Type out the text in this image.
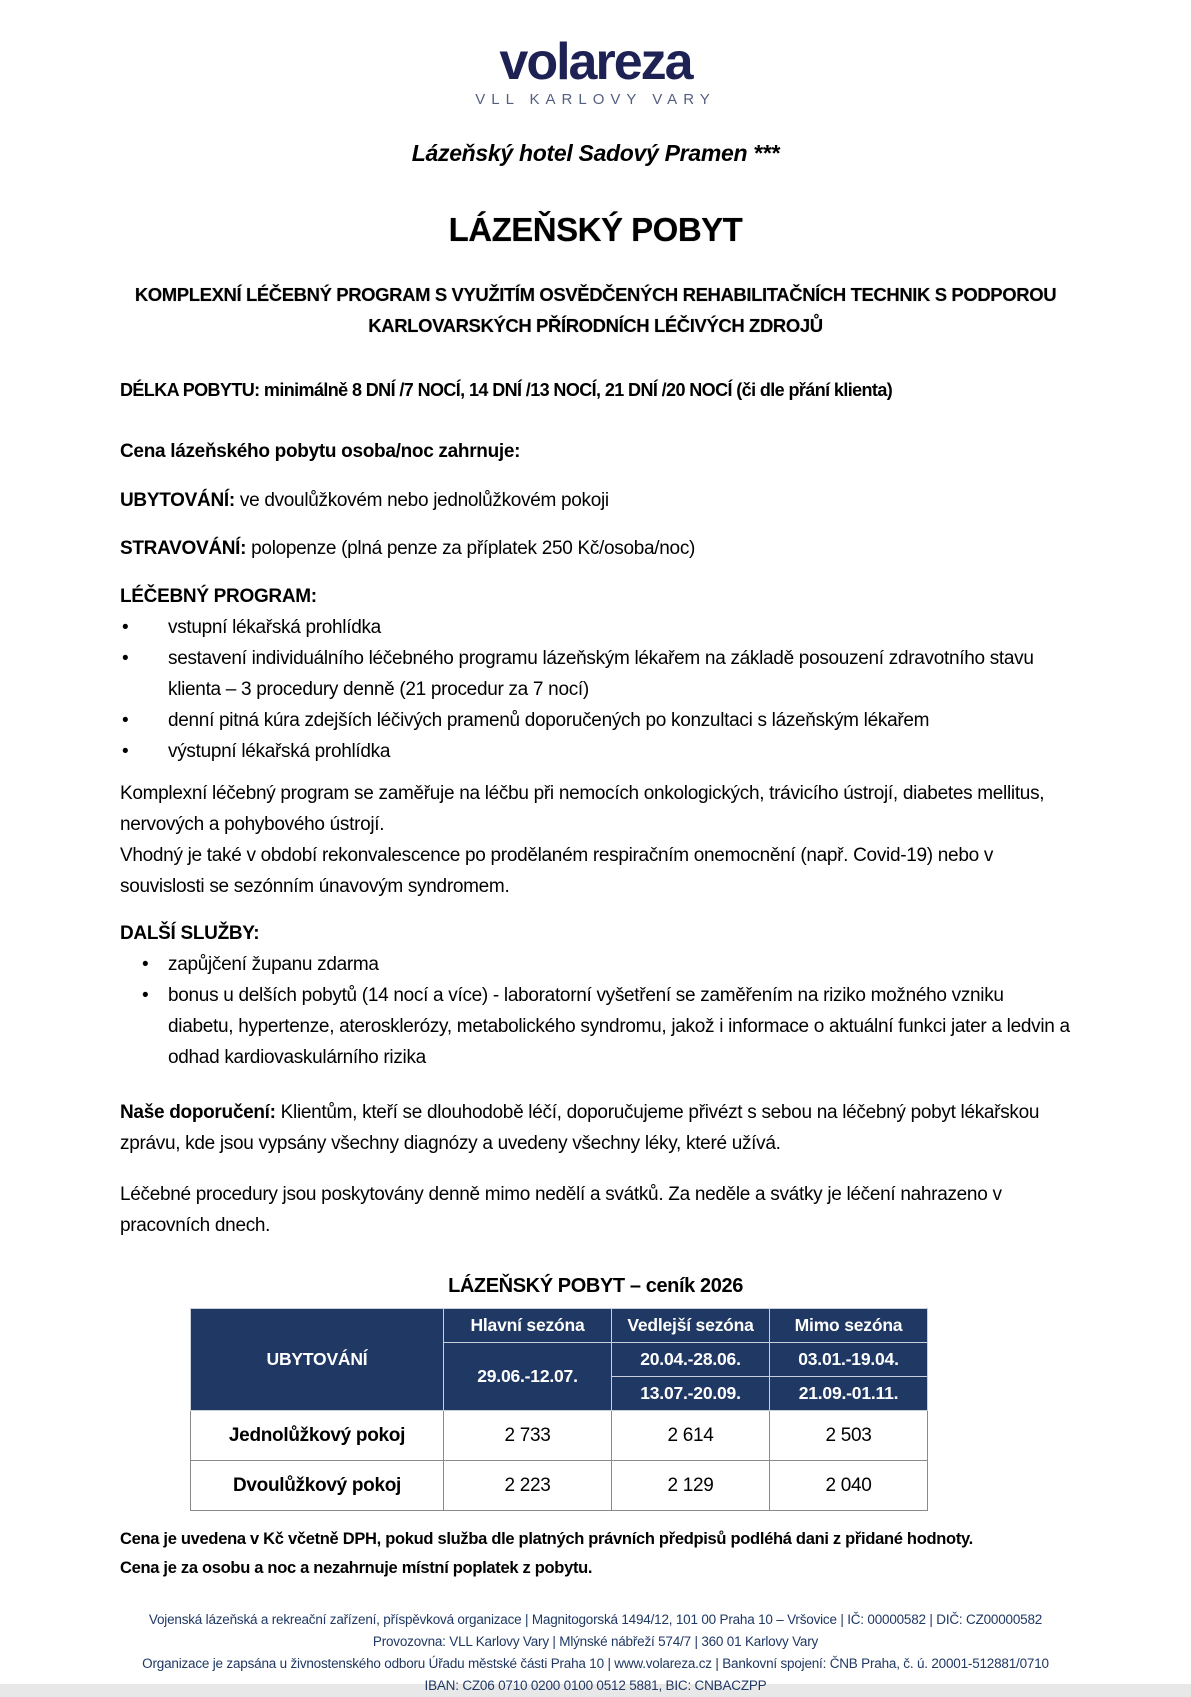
volareza
VLL KARLOVY VARY
Lázeňský hotel Sadový Pramen ***
LÁZEŇSKÝ POBYT
KOMPLEXNÍ LÉČEBNÝ PROGRAM S VYUŽITÍM OSVĚDČENÝCH REHABILITAČNÍCH TECHNIK S PODPOROU KARLOVARSKÝCH PŘÍRODNÍCH LÉČIVÝCH ZDROJŮ

DÉLKA POBYTU: minimálně 8 DNÍ /7 NOCÍ, 14 DNÍ /13 NOCÍ, 21 DNÍ /20 NOCÍ (či dle přání klienta)

Cena lázeňského pobytu osoba/noc zahrnuje:

UBYTOVÁNÍ: ve dvoulůžkovém nebo jednolůžkovém pokoji

STRAVOVÁNÍ: polopenze (plná penze za příplatek 250 Kč/osoba/noc)

LÉČEBNÝ PROGRAM:

• vstupní lékařská prohlídka
• sestavení individuálního léčebného programu lázeňským lékařem na základě posouzení zdravotního stavu klienta – 3 procedury denně (21 procedur za 7 nocí)
• denní pitná kúra zdejších léčivých pramenů doporučených po konzultaci s lázeňským lékařem
• výstupní lékařská prohlídka

Komplexní léčebný program se zaměřuje na léčbu při nemocích onkologických, trávicího ústrojí, diabetes mellitus, nervových a pohybového ústrojí.

Vhodný je také v období rekonvalescence po prodělaném respiračním onemocnění (např. Covid-19) nebo v souvislosti se sezónním únavovým syndromem.

DALŠÍ SLUŽBY:

• zapůjčení županu zdarma
• bonus u delších pobytů (14 nocí a více) - laboratorní vyšetření se zaměřením na riziko možného vzniku diabetu, hypertenze, aterosklerózy, metabolického syndromu, jakož i informace o aktuální funkci jater a ledvin a odhad kardiovaskulárního rizika

Naše doporučení: Klientům, kteří se dlouhodobě léčí, doporučujeme přivézt s sebou na léčebný pobyt lékařskou zprávu, kde jsou vypsány všechny diagnózy a uvedeny všechny léky, které užívá.

Léčebné procedury jsou poskytovány denně mimo nedělí a svátků. Za neděle a svátky je léčení nahrazeno v pracovních dnech.

LÁZEŇSKÝ POBYT – ceník 2026
UBYTOVÁNÍ	Hlavní sezóna	Vedlejší sezóna	Mimo sezóna
	29.06.-12.07.	20.04.-28.06.	03.01.-19.04.
		13.07.-20.09.	21.09.-01.11.
Jednolůžkový pokoj	2 733	2 614	2 503
Dvoulůžkový pokoj	2 223	2 129	2 040

Cena je uvedena v Kč včetně DPH, pokud služba dle platných právních předpisů podléhá dani z přidané hodnoty.

Cena je za osobu a noc a nezahrnuje místní poplatek z pobytu.

Vojenská lázeňská a rekreační zařízení, příspěvková organizace | Magnitogorská 1494/12, 101 00 Praha 10 – Vršovice | IČ: 00000582 | DIČ: CZ00000582
Provozovna: VLL Karlovy Vary | Mlýnské nábřeží 574/7 | 360 01 Karlovy Vary
Organizace je zapsána u živnostenského odboru Úřadu městské části Praha 10 | www.volareza.cz | Bankovní spojení: ČNB Praha, č. ú. 20001-512881/0710
IBAN: CZ06 0710 0200 0100 0512 5881, BIC: CNBACZPP
